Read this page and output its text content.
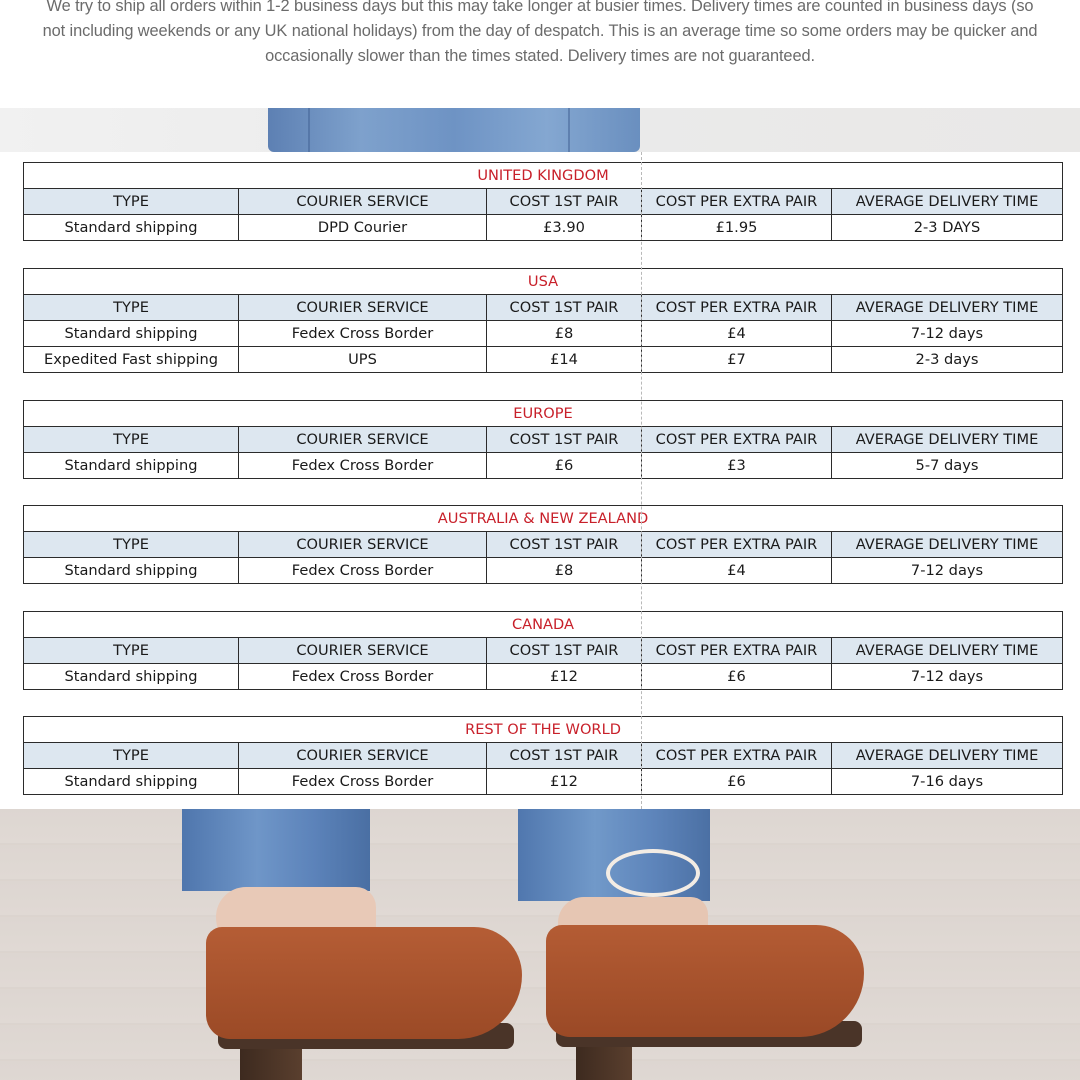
We try to ship all orders within 1-2 business days but this may take longer at busier times. Delivery times are counted in business days (so not including weekends or any UK national holidays) from the day of despatch. This is an average time so some orders may be quicker and occasionally slower than the times stated. Delivery times are not guaranteed.
UNITED KINGDOM				
TYPE	COURIER SERVICE	COST 1ST PAIR	COST PER EXTRA PAIR	AVERAGE DELIVERY TIME
Standard shipping	DPD Courier	£3.90	£1.95	2-3 DAYS
USA				
TYPE	COURIER SERVICE	COST 1ST PAIR	COST PER EXTRA PAIR	AVERAGE DELIVERY TIME
Standard shipping	Fedex Cross Border	£8	£4	7-12 days
Expedited Fast shipping	UPS	£14	£7	2-3 days
EUROPE				
TYPE	COURIER SERVICE	COST 1ST PAIR	COST PER EXTRA PAIR	AVERAGE DELIVERY TIME
Standard shipping	Fedex Cross Border	£6	£3	5-7 days
AUSTRALIA & NEW ZEALAND				
TYPE	COURIER SERVICE	COST 1ST PAIR	COST PER EXTRA PAIR	AVERAGE DELIVERY TIME
Standard shipping	Fedex Cross Border	£8	£4	7-12 days
CANADA				
TYPE	COURIER SERVICE	COST 1ST PAIR	COST PER EXTRA PAIR	AVERAGE DELIVERY TIME
Standard shipping	Fedex Cross Border	£12	£6	7-12 days
REST OF THE WORLD				
TYPE	COURIER SERVICE	COST 1ST PAIR	COST PER EXTRA PAIR	AVERAGE DELIVERY TIME
Standard shipping	Fedex Cross Border	£12	£6	7-16 days
